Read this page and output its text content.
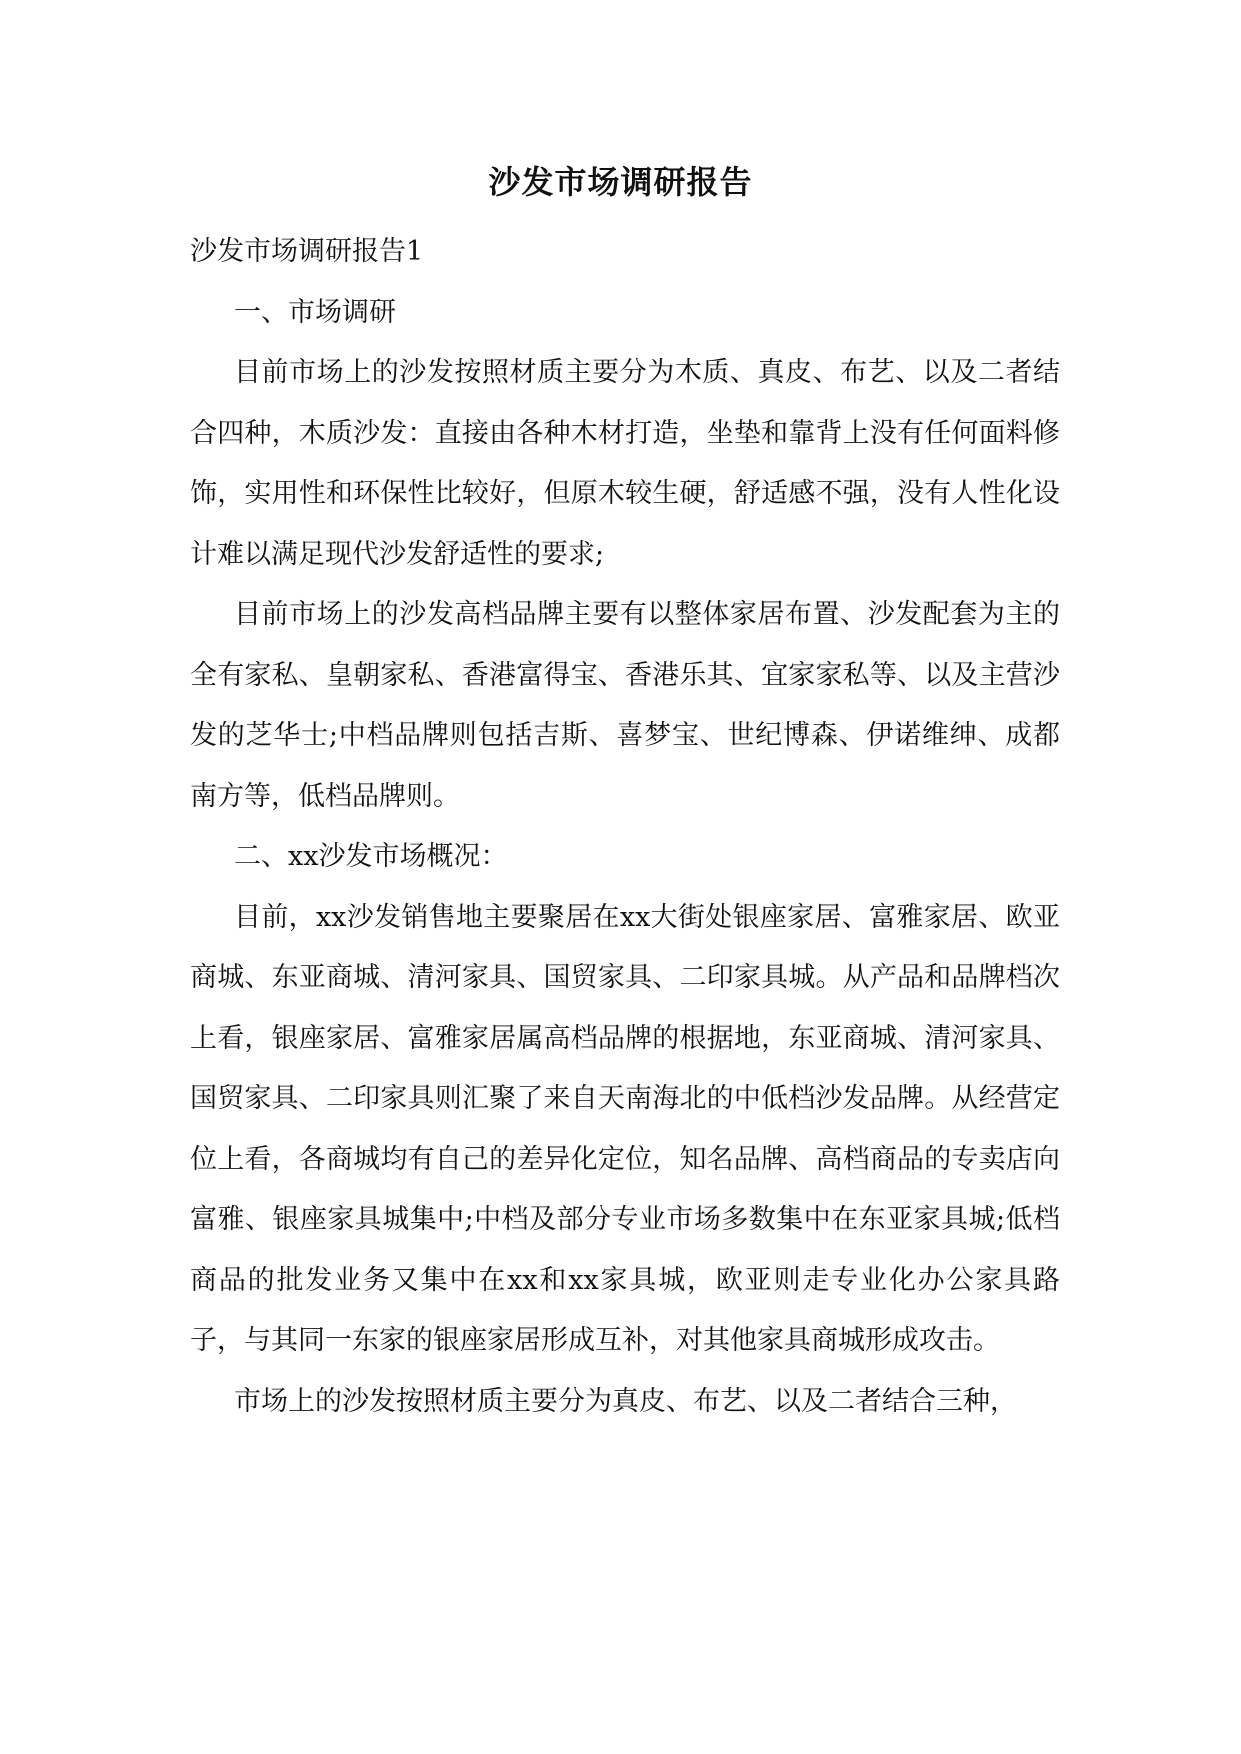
沙发市场调研报告

沙发市场调研报告1

一、市场调研

目前市场上的沙发按照材质主要分为木质、真皮、布艺、以及二者结合四种，木质沙发：直接由各种木材打造，坐垫和靠背上没有任何面料修饰，实用性和环保性比较好，但原木较生硬，舒适感不强，没有人性化设计难以满足现代沙发舒适性的要求;

目前市场上的沙发高档品牌主要有以整体家居布置、沙发配套为主的全有家私、皇朝家私、香港富得宝、香港乐其、宜家家私等、以及主营沙发的芝华士;中档品牌则包括吉斯、喜梦宝、世纪博森、伊诺维绅、成都南方等，低档品牌则。

二、xx沙发市场概况：

目前，xx沙发销售地主要聚居在xx大街处银座家居、富雅家居、欧亚商城、东亚商城、清河家具、国贸家具、二印家具城。从产品和品牌档次上看，银座家居、富雅家居属高档品牌的根据地，东亚商城、清河家具、国贸家具、二印家具则汇聚了来自天南海北的中低档沙发品牌。从经营定位上看，各商城均有自己的差异化定位，知名品牌、高档商品的专卖店向富雅、银座家具城集中;中档及部分专业市场多数集中在东亚家具城;低档商品的批发业务又集中在xx和xx家具城，欧亚则走专业化办公家具路子，与其同一东家的银座家居形成互补，对其他家具商城形成攻击。

市场上的沙发按照材质主要分为真皮、布艺、以及二者结合三种，
